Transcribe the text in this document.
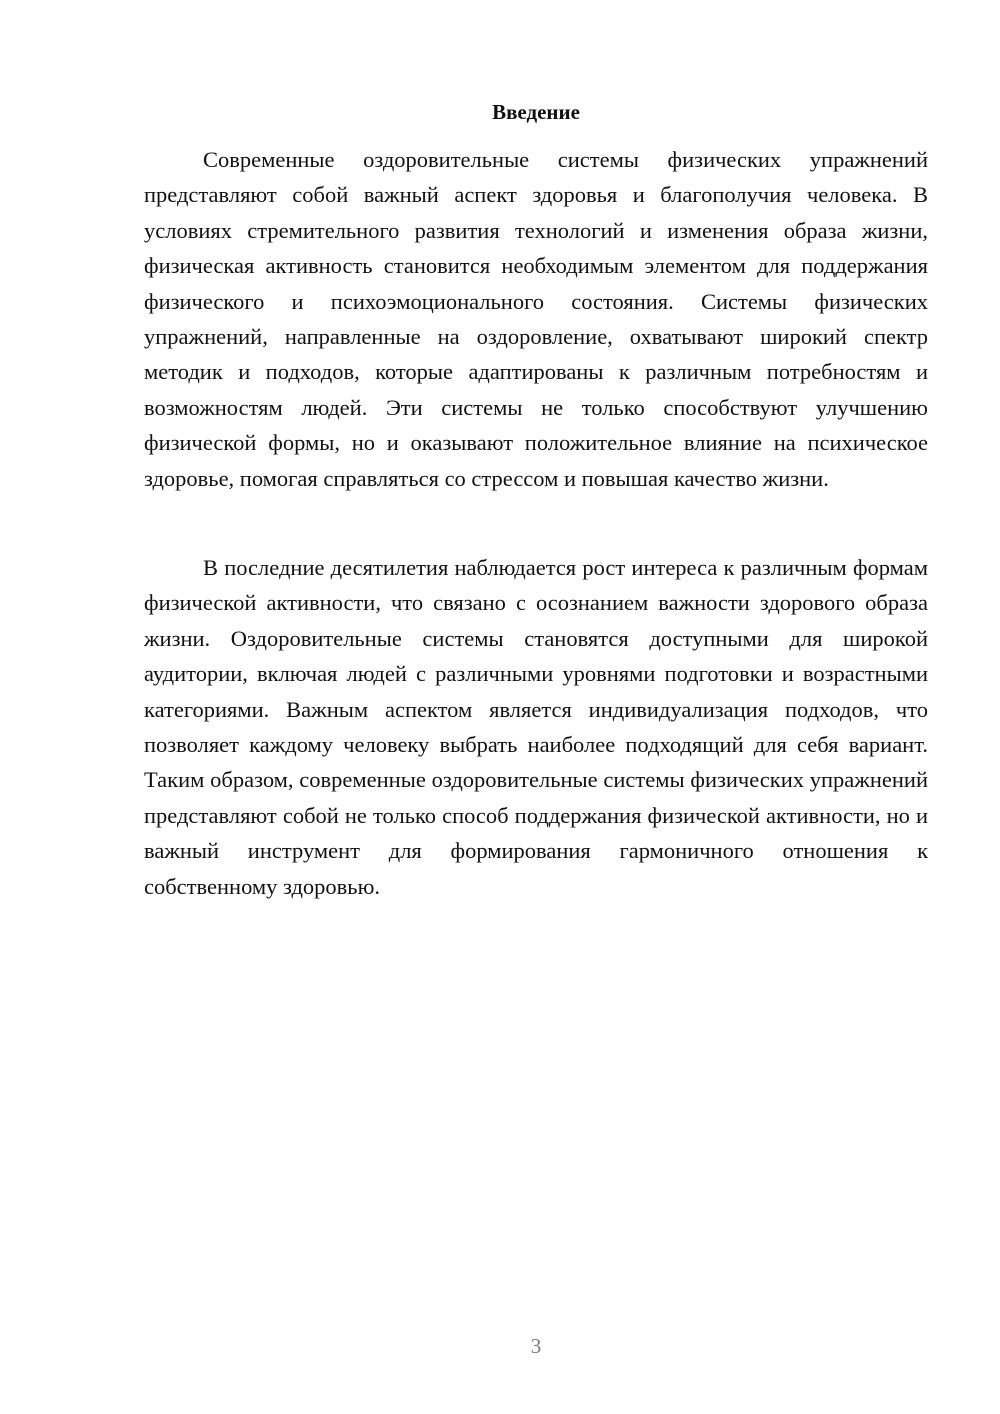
Введение

Современные оздоровительные системы физических упражнений представляют собой важный аспект здоровья и благополучия человека. В условиях стремительного развития технологий и изменения образа жизни, физическая активность становится необходимым элементом для поддержания физического и психоэмоционального состояния. Системы физических упражнений, направленные на оздоровление, охватывают широкий спектр методик и подходов, которые адаптированы к различным потребностям и возможностям людей. Эти системы не только способствуют улучшению физической формы, но и оказывают положительное влияние на психическое здоровье, помогая справляться со стрессом и повышая качество жизни.

В последние десятилетия наблюдается рост интереса к различным формам физической активности, что связано с осознанием важности здорового образа жизни. Оздоровительные системы становятся доступными для широкой аудитории, включая людей с различными уровнями подготовки и возрастными категориями. Важным аспектом является индивидуализация подходов, что позволяет каждому человеку выбрать наиболее подходящий для себя вариант. Таким образом, современные оздоровительные системы физических упражнений представляют собой не только способ поддержания физической активности, но и важный инструмент для формирования гармоничного отношения к собственному здоровью.

3
